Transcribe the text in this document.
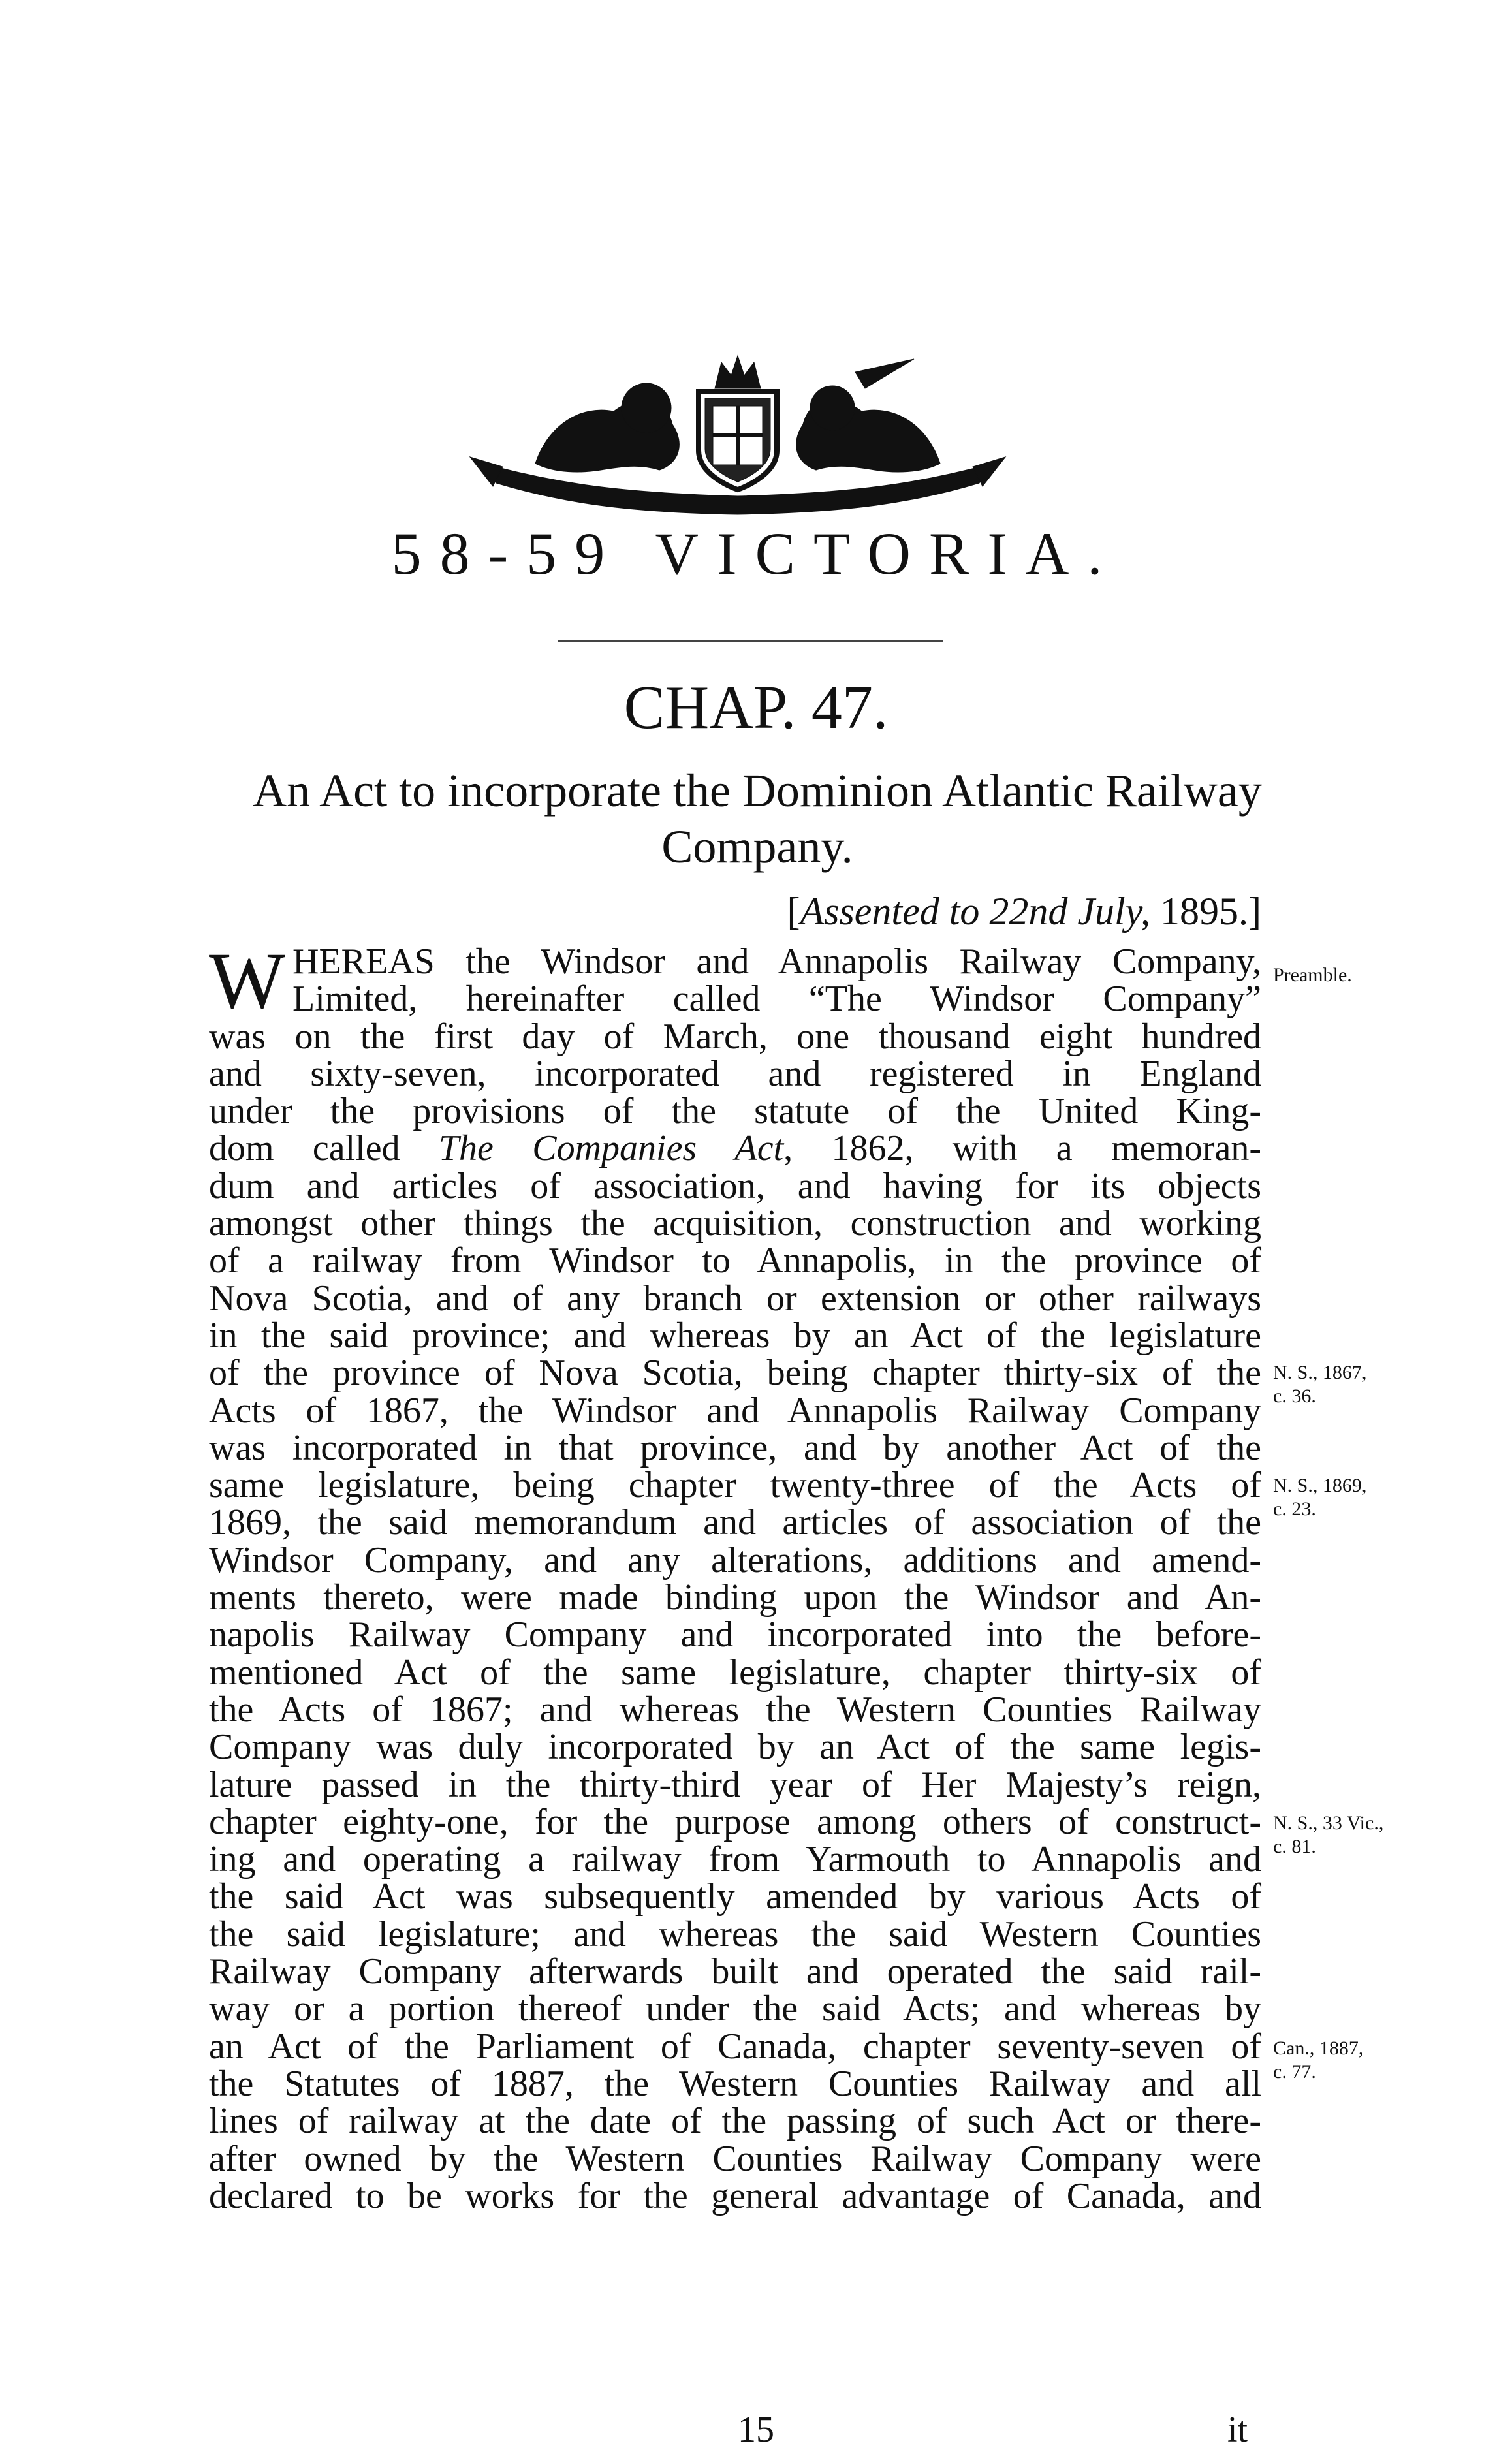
58-59 VICTORIA.
CHAP. 47.
An Act to incorporate the Dominion Atlantic Railway Company.
[Assented to 22nd July, 1895.]
W HEREAS the Windsor and Annapolis Railway Company,
Limited, hereinafter called “The Windsor Company”
was on the first day of March, one thousand eight hundred
and sixty-seven, incorporated and registered in England
under the provisions of the statute of the United King-
dom called The Companies Act, 1862, with a memoran-
dum and articles of association, and having for its objects
amongst other things the acquisition, construction and working
of a railway from Windsor to Annapolis, in the province of
Nova Scotia, and of any branch or extension or other railways
in the said province; and whereas by an Act of the legislature
of the province of Nova Scotia, being chapter thirty-six of the
Acts of 1867, the Windsor and Annapolis Railway Company
was incorporated in that province, and by another Act of the
same legislature, being chapter twenty-three of the Acts of
1869, the said memorandum and articles of association of the
Windsor Company, and any alterations, additions and amend-
ments thereto, were made binding upon the Windsor and An-
napolis Railway Company and incorporated into the before-
mentioned Act of the same legislature, chapter thirty-six of
the Acts of 1867; and whereas the Western Counties Railway
Company was duly incorporated by an Act of the same legis-
lature passed in the thirty-third year of Her Majesty’s reign,
chapter eighty-one, for the purpose among others of construct-
ing and operating a railway from Yarmouth to Annapolis and
the said Act was subsequently amended by various Acts of
the said legislature; and whereas the said Western Counties
Railway Company afterwards built and operated the said rail-
way or a portion thereof under the said Acts; and whereas by
an Act of the Parliament of Canada, chapter seventy-seven of
the Statutes of 1887, the Western Counties Railway and all
lines of railway at the date of the passing of such Act or there-
after owned by the Western Counties Railway Company were
declared to be works for the general advantage of Canada, and
Preamble.
N. S., 1867,
c. 36.
N. S., 1869,
c. 23.
N. S., 33 Vic.,
c. 81.
Can., 1887,
c. 77.
15	it
